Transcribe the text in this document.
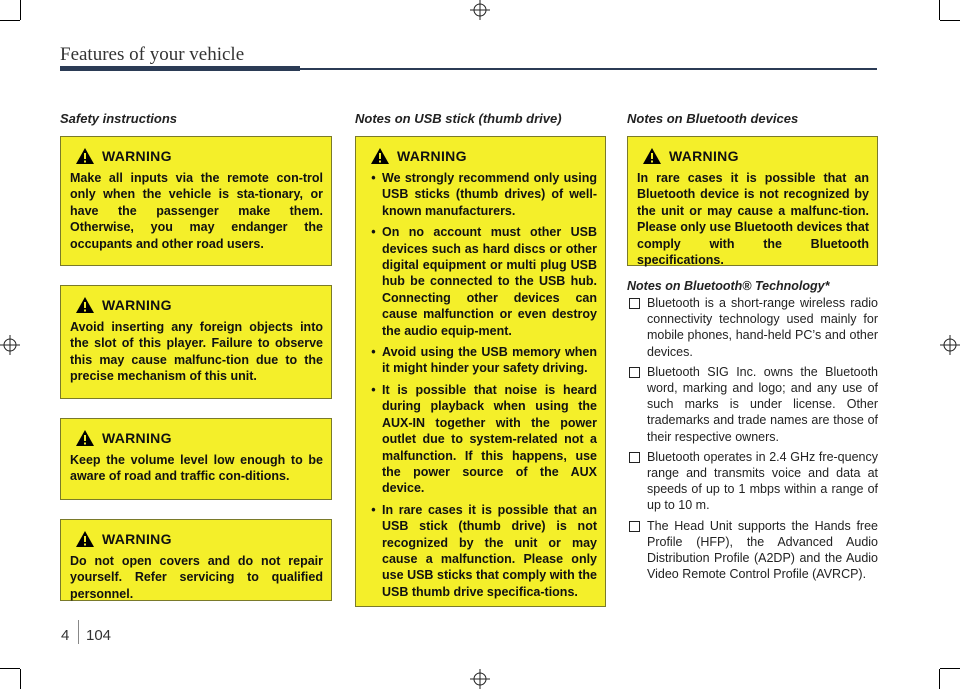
Features of your vehicle
Safety instructions	Notes on USB stick (thumb drive)	Notes on Bluetooth devices
WARNING
Make all inputs via the remote con-trol only when the vehicle is sta-tionary, or have the passenger make them. Otherwise, you may endanger the occupants and other road users.
WARNING
Avoid inserting any foreign objects into the slot of this player. Failure to observe this may cause malfunc-tion due to the precise mechanism of this unit.
WARNING
Keep the volume level low enough to be aware of road and traffic con-ditions.
WARNING
Do not open covers and do not repair yourself. Refer servicing to qualified personnel.
WARNING
• We strongly recommend only using USB sticks (thumb drives) of well-known manufacturers.
• On no account must other USB devices such as hard discs or other digital equipment or multi plug USB hub be connected to the USB hub. Connecting other devices can cause malfunction or even destroy the audio equip-ment.
• Avoid using the USB memory when it might hinder your safety driving.
• It is possible that noise is heard during playback when using the AUX-IN together with the power outlet due to system-related not a malfunction. If this happens, use the power source of the AUX device.
• In rare cases it is possible that an USB stick (thumb drive) is not recognized by the unit or may cause a malfunction. Please only use USB sticks that comply with the USB thumb drive specifica-tions.
WARNING
In rare cases it is possible that an Bluetooth device is not recognized by the unit or may cause a malfunc-tion. Please only use Bluetooth devices that comply with the Bluetooth specifications.
Notes on Bluetooth® Technology*
Bluetooth is a short-range wireless radio connectivity technology used mainly for mobile phones, hand-held PC’s and other devices.
Bluetooth SIG Inc. owns the Bluetooth word, marking and logo; and any use of such marks is under license. Other trademarks and trade names are those of their respective owners.
Bluetooth operates in 2.4 GHz fre-quency range and transmits voice and data at speeds of up to 1 mbps within a range of up to 10 m.
The Head Unit supports the Hands free Profile (HFP), the Advanced Audio Distribution Profile (A2DP) and the Audio Video Remote Control Profile (AVRCP).
4 104
